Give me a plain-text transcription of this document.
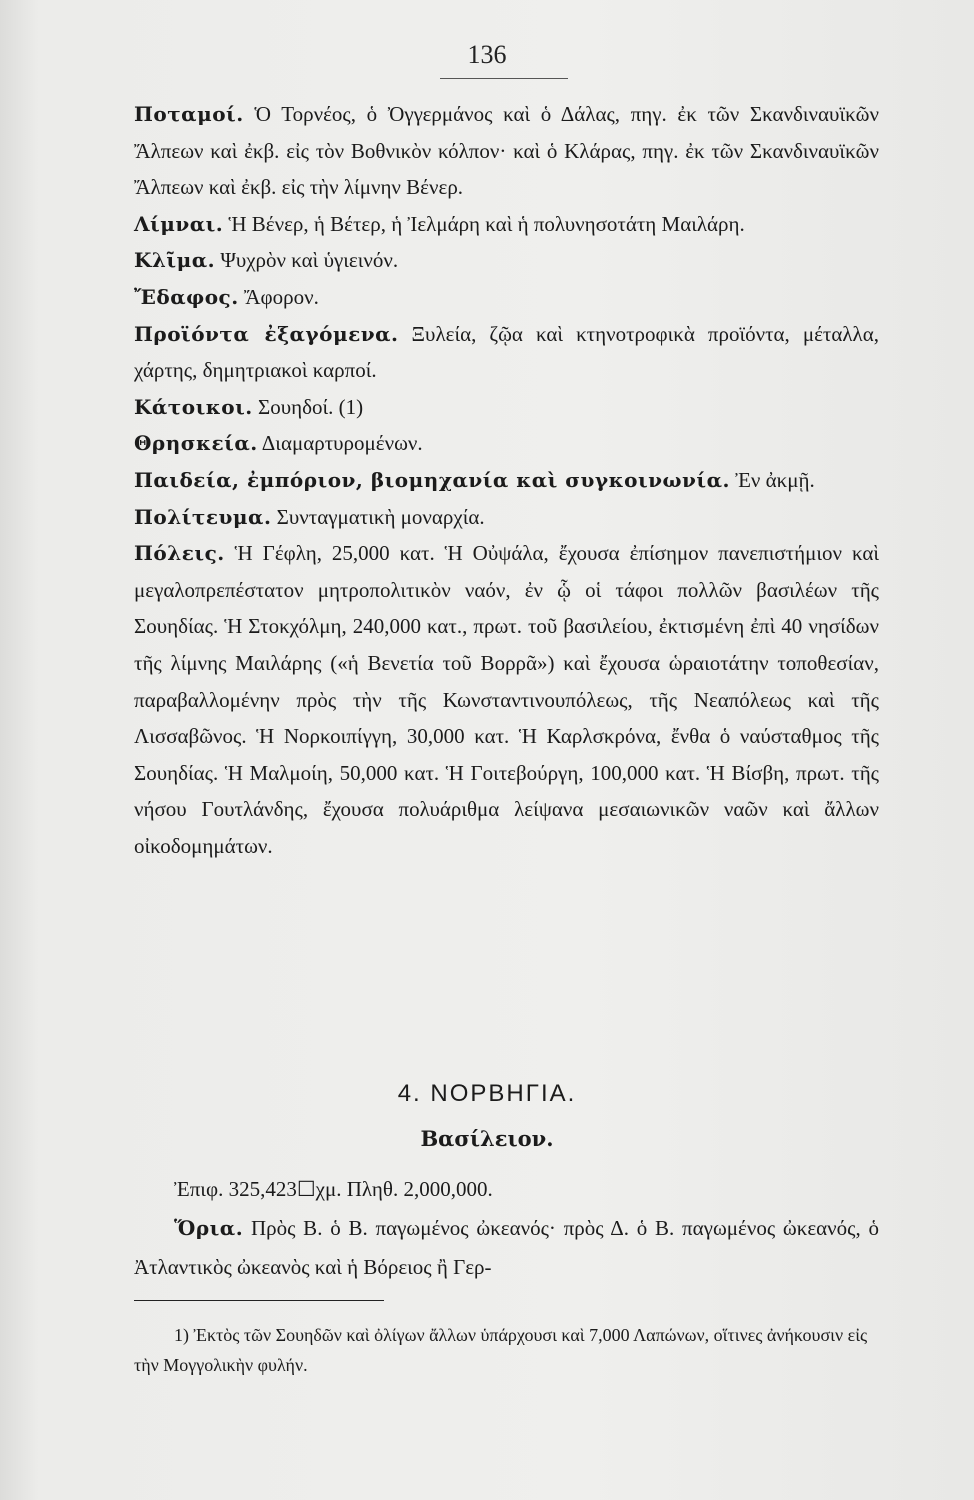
136

Ποταμοί. Ὁ Τορνέος, ὁ Ὀγγερμάνος καὶ ὁ Δάλας, πηγ. ἐκ τῶν Σκανδιναυϊκῶν Ἄλπεων καὶ ἐκβ. εἰς τὸν Βοθνικὸν κόλπον· καὶ ὁ Κλάρας, πηγ. ἐκ τῶν Σκανδιναυϊκῶν Ἄλπεων καὶ ἐκβ. εἰς τὴν λίμνην Βένερ.

Λίμναι. Ἡ Βένερ, ἡ Βέτερ, ἡ Ἰελμάρη καὶ ἡ πολυνησοτάτη Μαιλάρη.

Κλῖμα. Ψυχρὸν καὶ ὑγιεινόν.

Ἔδαφος. Ἄφορον.

Προϊόντα ἐξαγόμενα. Ξυλεία, ζῷα καὶ κτηνοτροφικὰ προϊόντα, μέταλλα, χάρτης, δημητριακοὶ καρποί.

Κάτοικοι. Σουηδοί. (1)

Θρησκεία. Διαμαρτυρομένων.

Παιδεία, ἐμπόριον, βιομηχανία καὶ συγκοινωνία. Ἐν ἀκμῇ.

Πολίτευμα. Συνταγματικὴ μοναρχία.

Πόλεις. Ἡ Γέφλη, 25,000 κατ. Ἡ Οὐψάλα, ἔχουσα ἐπίσημον πανεπιστήμιον καὶ μεγαλοπρεπέστατον μητροπολιτικὸν ναόν, ἐν ᾧ οἱ τάφοι πολλῶν βασιλέων τῆς Σουηδίας. Ἡ Στοκχόλμη, 240,000 κατ., πρωτ. τοῦ βασιλείου, ἐκτισμένη ἐπὶ 40 νησίδων τῆς λίμνης Μαιλάρης («ἡ Βενετία τοῦ Βορρᾶ») καὶ ἔχουσα ὡραιοτάτην τοποθεσίαν, παραβαλλομένην πρὸς τὴν τῆς Κωνσταντινουπόλεως, τῆς Νεαπόλεως καὶ τῆς Λισσαβῶνος. Ἡ Νορκοιπίγγη, 30,000 κατ. Ἡ Καρλσκρόνα, ἔνθα ὁ ναύσταθμος τῆς Σουηδίας. Ἡ Μαλμοίη, 50,000 κατ. Ἡ Γοιτεβούργη, 100,000 κατ. Ἡ Βίσβη, πρωτ. τῆς νήσου Γουτλάνδης, ἔχουσα πολυάριθμα λείψανα μεσαιωνικῶν ναῶν καὶ ἄλλων οἰκοδομημάτων.

4. ΝΟΡΒΗΓΙΑ.
Βασίλειον.

Ἐπιφ. 325,423☐χμ. Πληθ. 2,000,000.

Ὅρια. Πρὸς Β. ὁ Β. παγωμένος ὠκεανός· πρὸς Δ. ὁ Β. παγωμένος ὠκεανός, ὁ Ἀτλαντικὸς ὠκεανὸς καὶ ἡ Βόρειος ἢ Γερ-

1) Ἐκτὸς τῶν Σουηδῶν καὶ ὀλίγων ἄλλων ὑπάρχουσι καὶ 7,000 Λαπώνων, οἵτινες ἀνήκουσιν εἰς τὴν Μογγολικὴν φυλήν.
